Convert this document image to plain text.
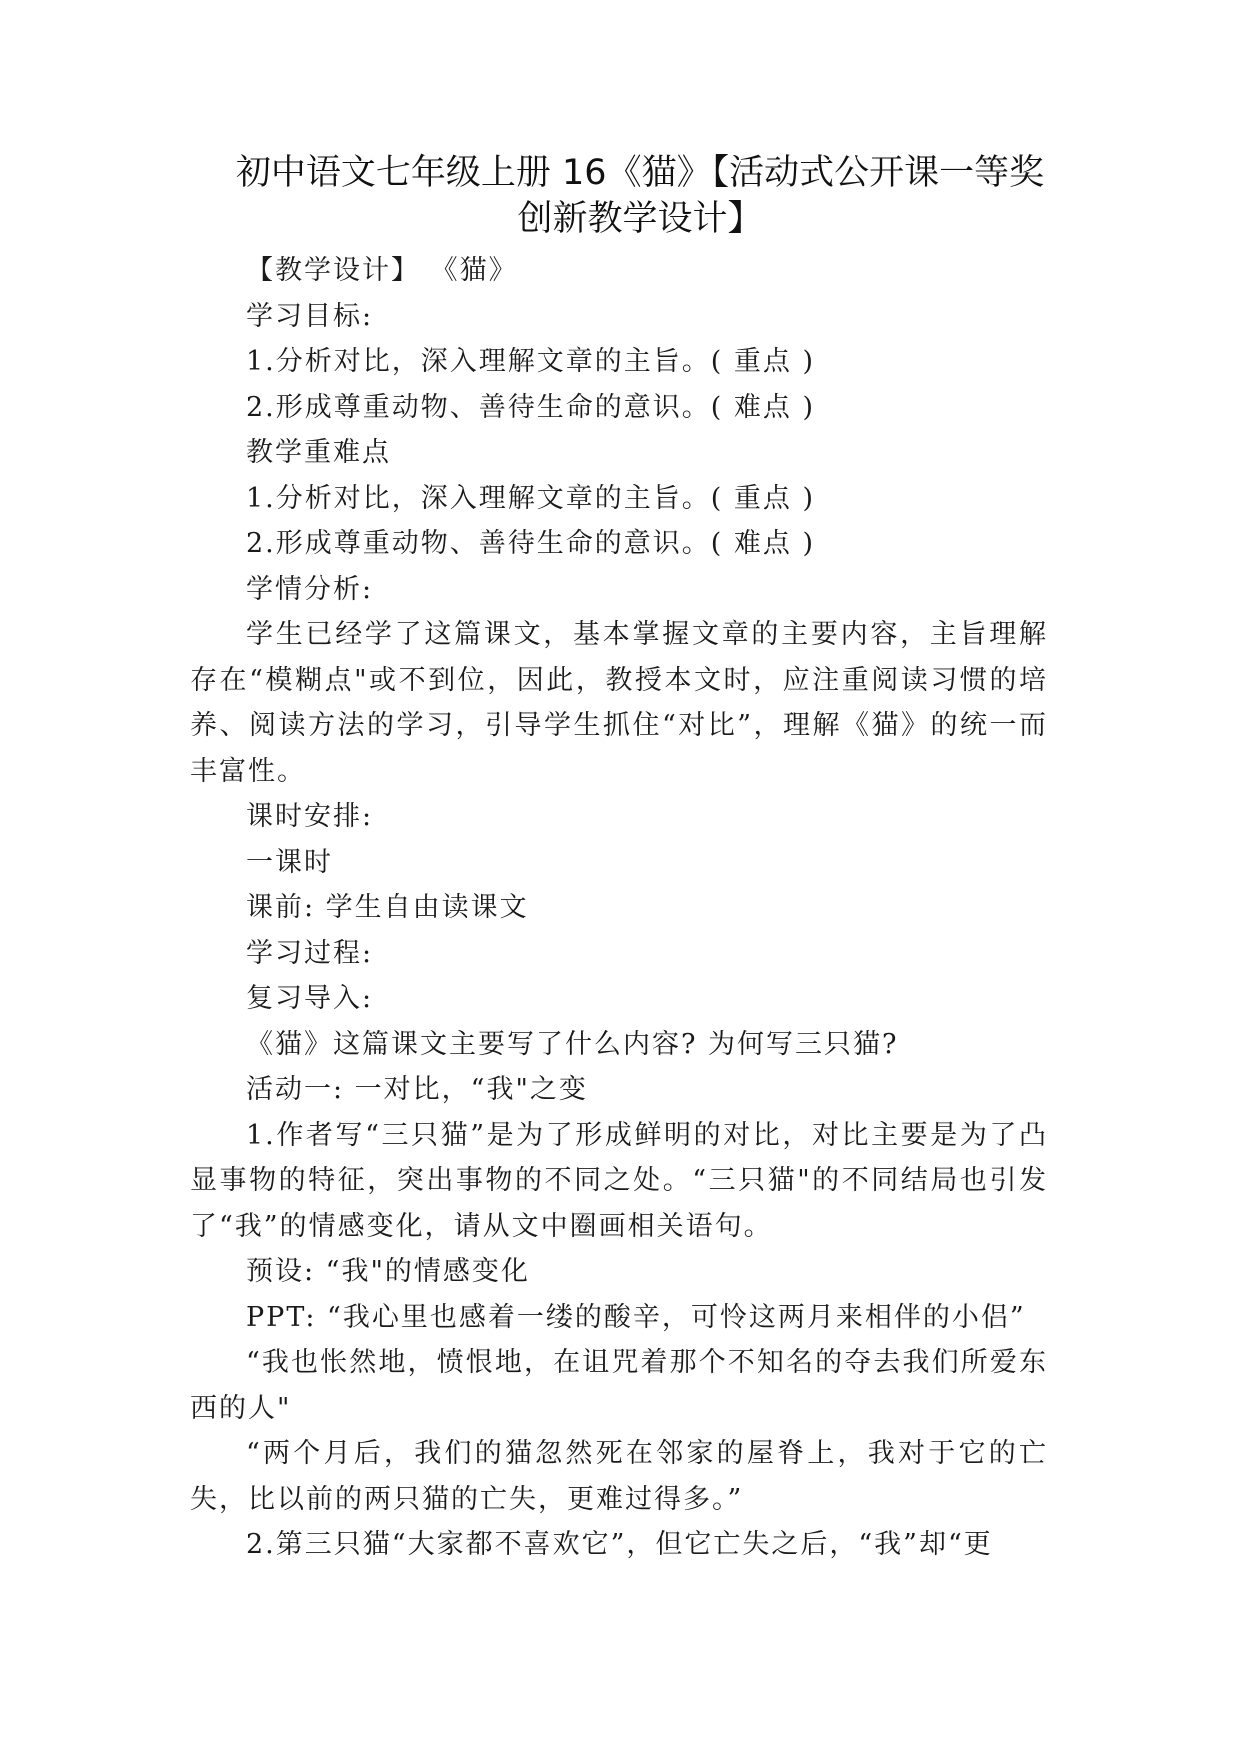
初中语文七年级上册 16《猫》【活动式公开课一等奖
创新教学设计】

【教学设计】 《猫》

学习目标:

1.分析对比，深入理解文章的主旨。( 重点 )

2.形成尊重动物、善待生命的意识。( 难点 )

教学重难点

1.分析对比，深入理解文章的主旨。( 重点 )

2.形成尊重动物、善待生命的意识。( 难点 )

学情分析:

学生已经学了这篇课文，基本掌握文章的主要内容，主旨理解存在“模糊点"或不到位，因此，教授本文时，应注重阅读习惯的培养、阅读方法的学习，引导学生抓住“对比”，理解《猫》的统一而丰富性。

课时安排:

一课时

课前: 学生自由读课文

学习过程:

复习导入:

《猫》这篇课文主要写了什么内容? 为何写三只猫?

活动一: 一对比，“我"之变

1.作者写“三只猫”是为了形成鲜明的对比，对比主要是为了凸显事物的特征，突出事物的不同之处。“三只猫"的不同结局也引发了“我”的情感变化，请从文中圈画相关语句。

预设: “我"的情感变化

PPT: “我心里也感着一缕的酸辛，可怜这两月来相伴的小侣”

“我也怅然地，愤恨地，在诅咒着那个不知名的夺去我们所爱东西的人"

“两个月后，我们的猫忽然死在邻家的屋脊上，我对于它的亡失，比以前的两只猫的亡失，更难过得多。”

2.第三只猫“大家都不喜欢它”，但它亡失之后，“我”却“更
